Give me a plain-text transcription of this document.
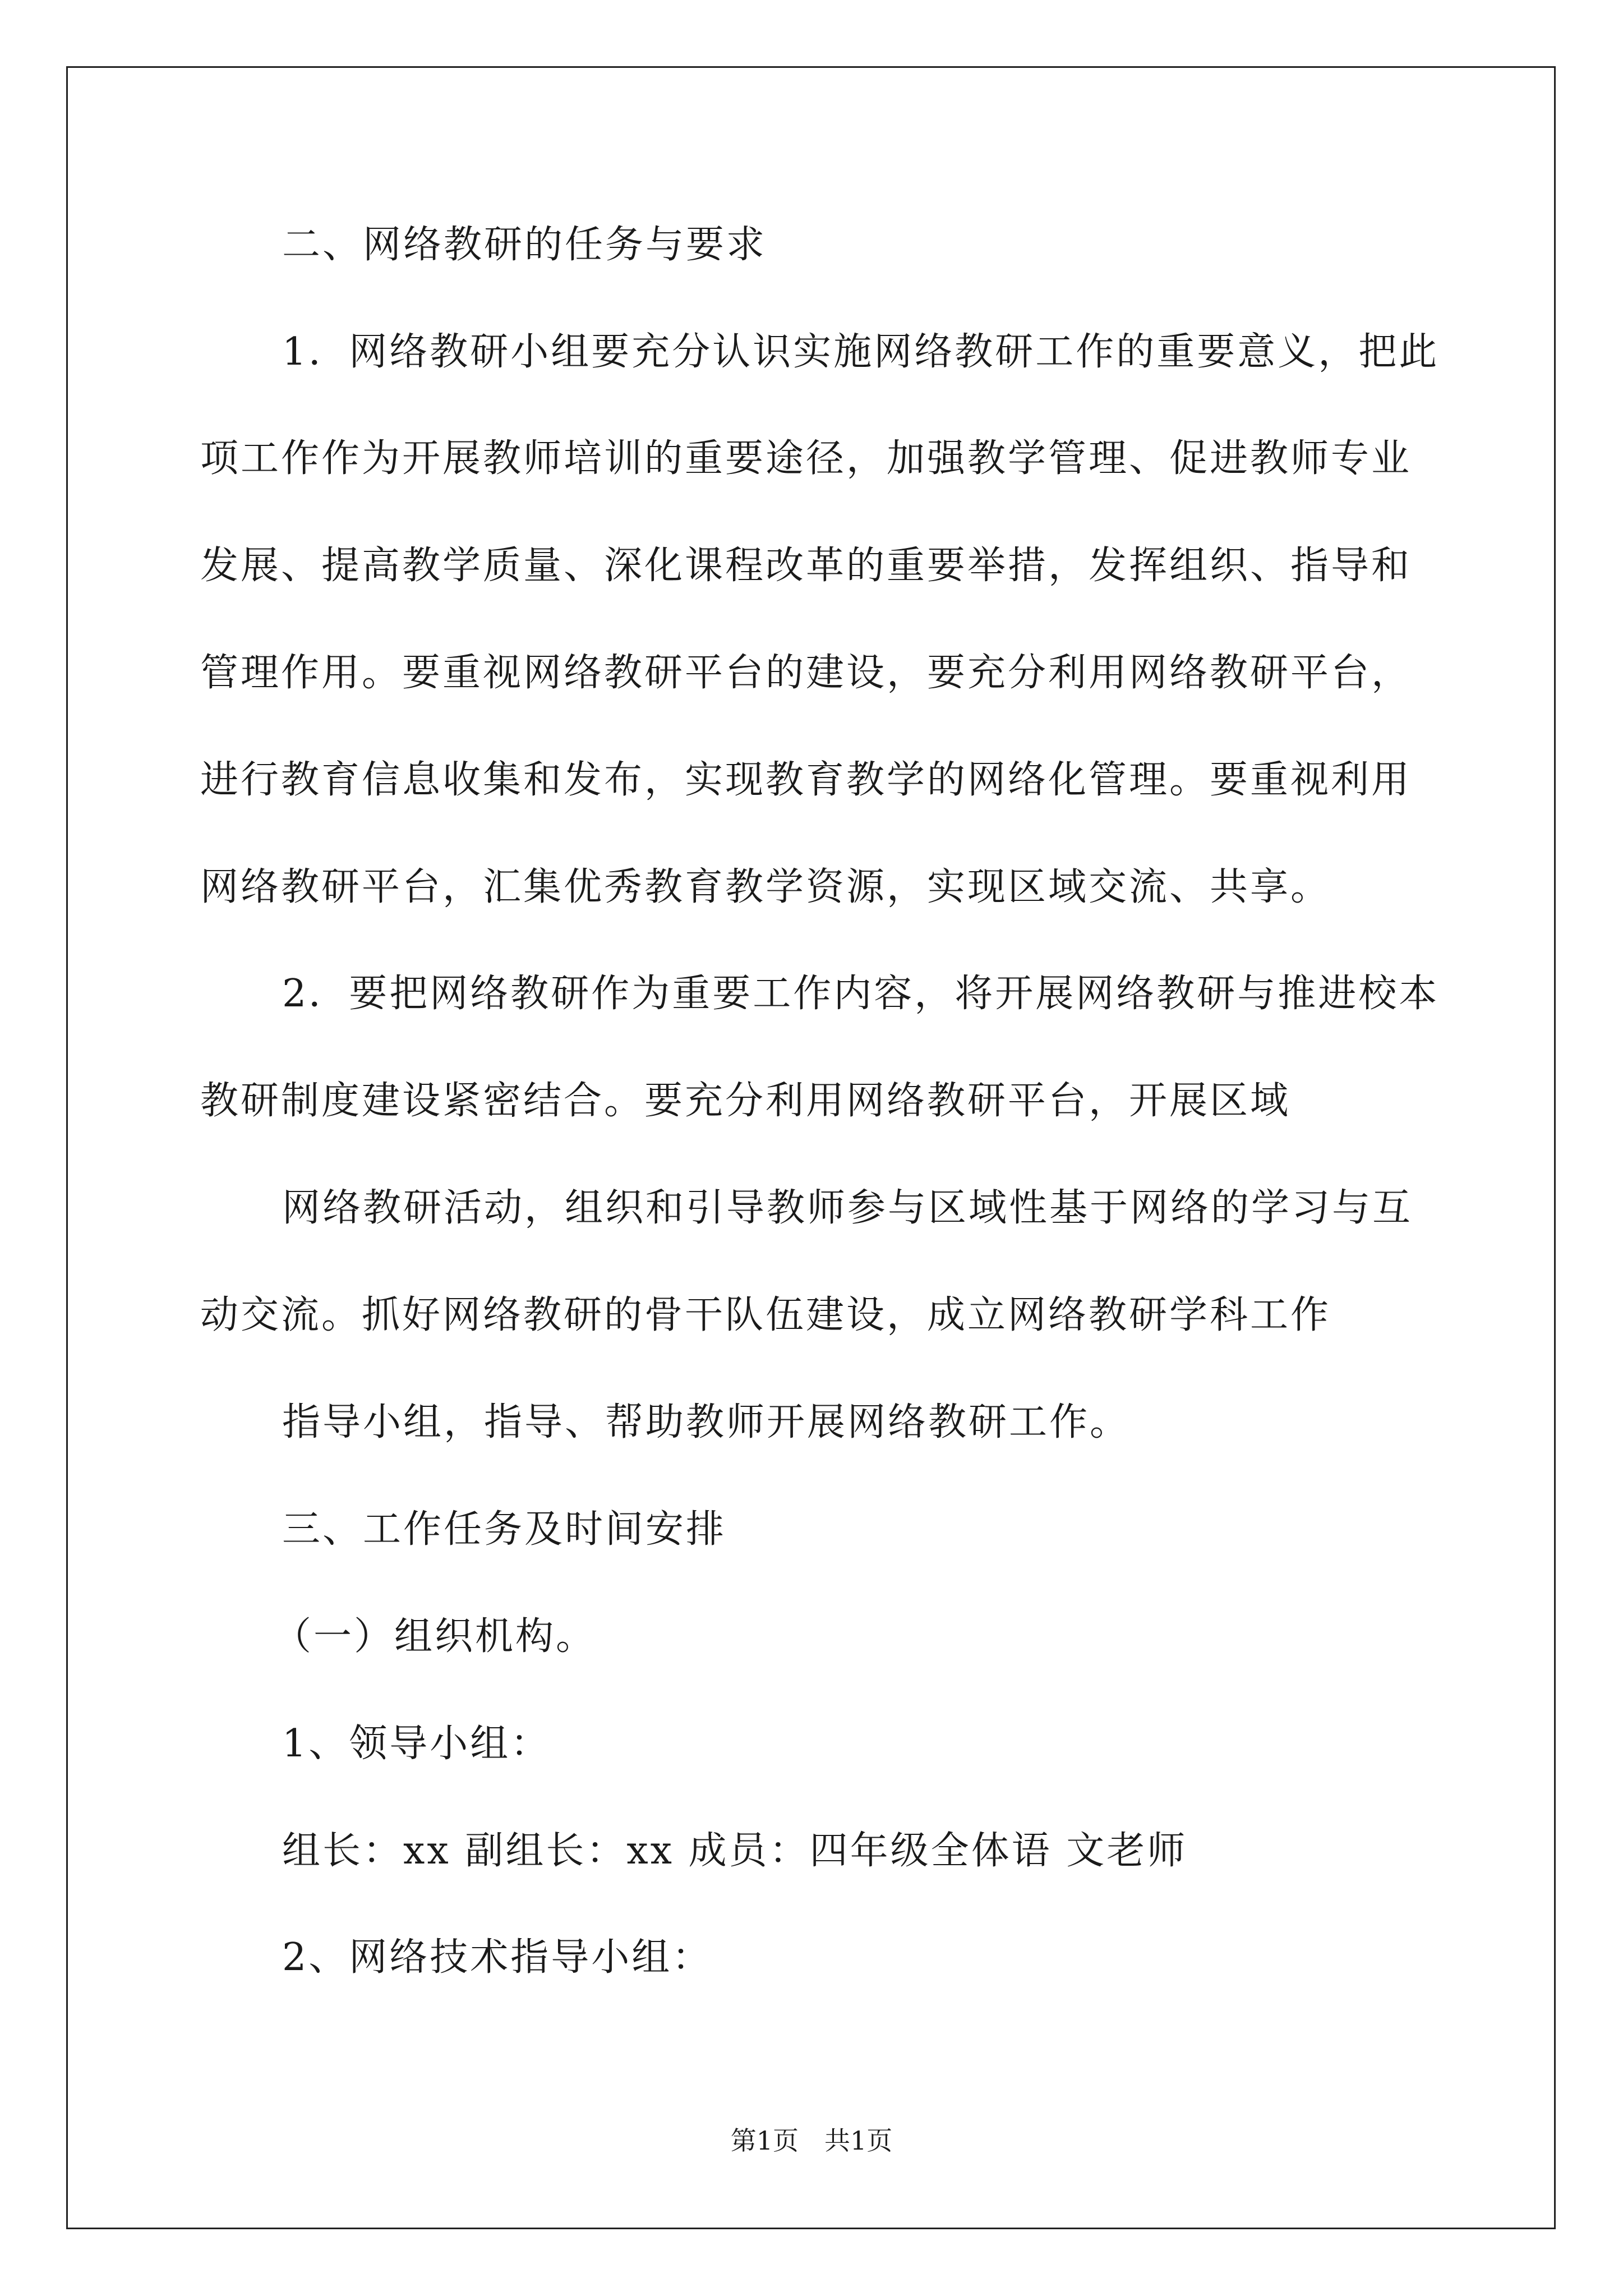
二、网络教研的任务与要求
1．网络教研小组要充分认识实施网络教研工作的重要意义，把此
项工作作为开展教师培训的重要途径，加强教学管理、促进教师专业
发展、提高教学质量、深化课程改革的重要举措，发挥组织、指导和
管理作用。要重视网络教研平台的建设，要充分利用网络教研平台，
进行教育信息收集和发布，实现教育教学的网络化管理。要重视利用
网络教研平台，汇集优秀教育教学资源，实现区域交流、共享。
2．要把网络教研作为重要工作内容，将开展网络教研与推进校本
教研制度建设紧密结合。要充分利用网络教研平台，开展区域
网络教研活动，组织和引导教师参与区域性基于网络的学习与互
动交流。抓好网络教研的骨干队伍建设，成立网络教研学科工作
指导小组，指导、帮助教师开展网络教研工作。
三、工作任务及时间安排
（一）组织机构。
1、领导小组：
组长：xx 副组长：xx 成员：四年级全体语 文老师
2、网络技术指导小组：
第1页　共1页
